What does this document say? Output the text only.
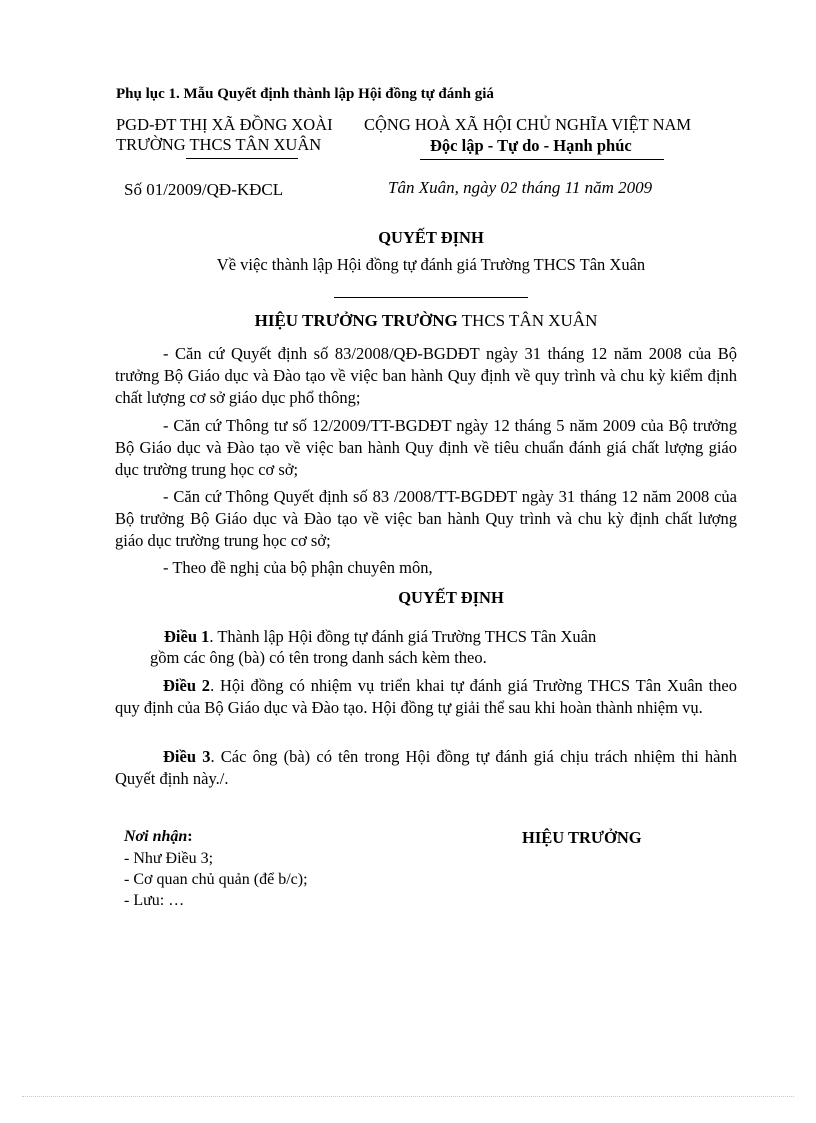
Phụ lục 1. Mẫu Quyết định thành lập Hội đồng tự đánh giá
PGD-ĐT THỊ XÃ ĐỒNG XOÀI
TRƯỜNG THCS TÂN XUÂN
CỘNG HOÀ XÃ HỘI CHỦ NGHĨA VIỆT NAM
Độc lập - Tự do - Hạnh phúc
Số 01/2009/QĐ-KĐCL	Tân Xuân, ngày 02 tháng 11 năm 2009
QUYẾT ĐỊNH
Về việc thành lập Hội đồng tự đánh giá Trường THCS Tân Xuân
HIỆU TRƯỞNG TRƯỜNG THCS TÂN XUÂN

- Căn cứ Quyết định số 83/2008/QĐ-BGDĐT ngày 31 tháng 12 năm 2008 của Bộ trưởng Bộ Giáo dục và Đào tạo về việc ban hành Quy định về quy trình và chu kỳ kiểm định chất lượng cơ sở giáo dục phổ thông;

- Căn cứ Thông tư số 12/2009/TT-BGDĐT ngày 12 tháng 5 năm 2009 của Bộ trưởng Bộ Giáo dục và Đào tạo về việc ban hành Quy định về tiêu chuẩn đánh giá chất lượng giáo dục trường trung học cơ sở;

- Căn cứ Thông Quyết định số 83 /2008/TT-BGDĐT ngày 31 tháng 12 năm 2008 của Bộ trưởng Bộ Giáo dục và Đào tạo về việc ban hành Quy trình và chu kỳ định chất lượng giáo dục trường trung học cơ sở;

- Theo đề nghị của bộ phận chuyên môn,
QUYẾT ĐỊNH
Điều 1. Thành lập Hội đồng tự đánh giá Trường THCS Tân Xuân
gồm các ông (bà) có tên trong danh sách kèm theo.

Điều 2. Hội đồng có nhiệm vụ triển khai tự đánh giá Trường THCS Tân Xuân theo quy định của Bộ Giáo dục và Đào tạo. Hội đồng tự giải thể sau khi hoàn thành nhiệm vụ.

Điều 3. Các ông (bà) có tên trong Hội đồng tự đánh giá chịu trách nhiệm thi hành Quyết định này./.

Nơi nhận:
- Như Điều 3;
- Cơ quan chủ quản (để b/c);
- Lưu: …
HIỆU TRƯỞNG
